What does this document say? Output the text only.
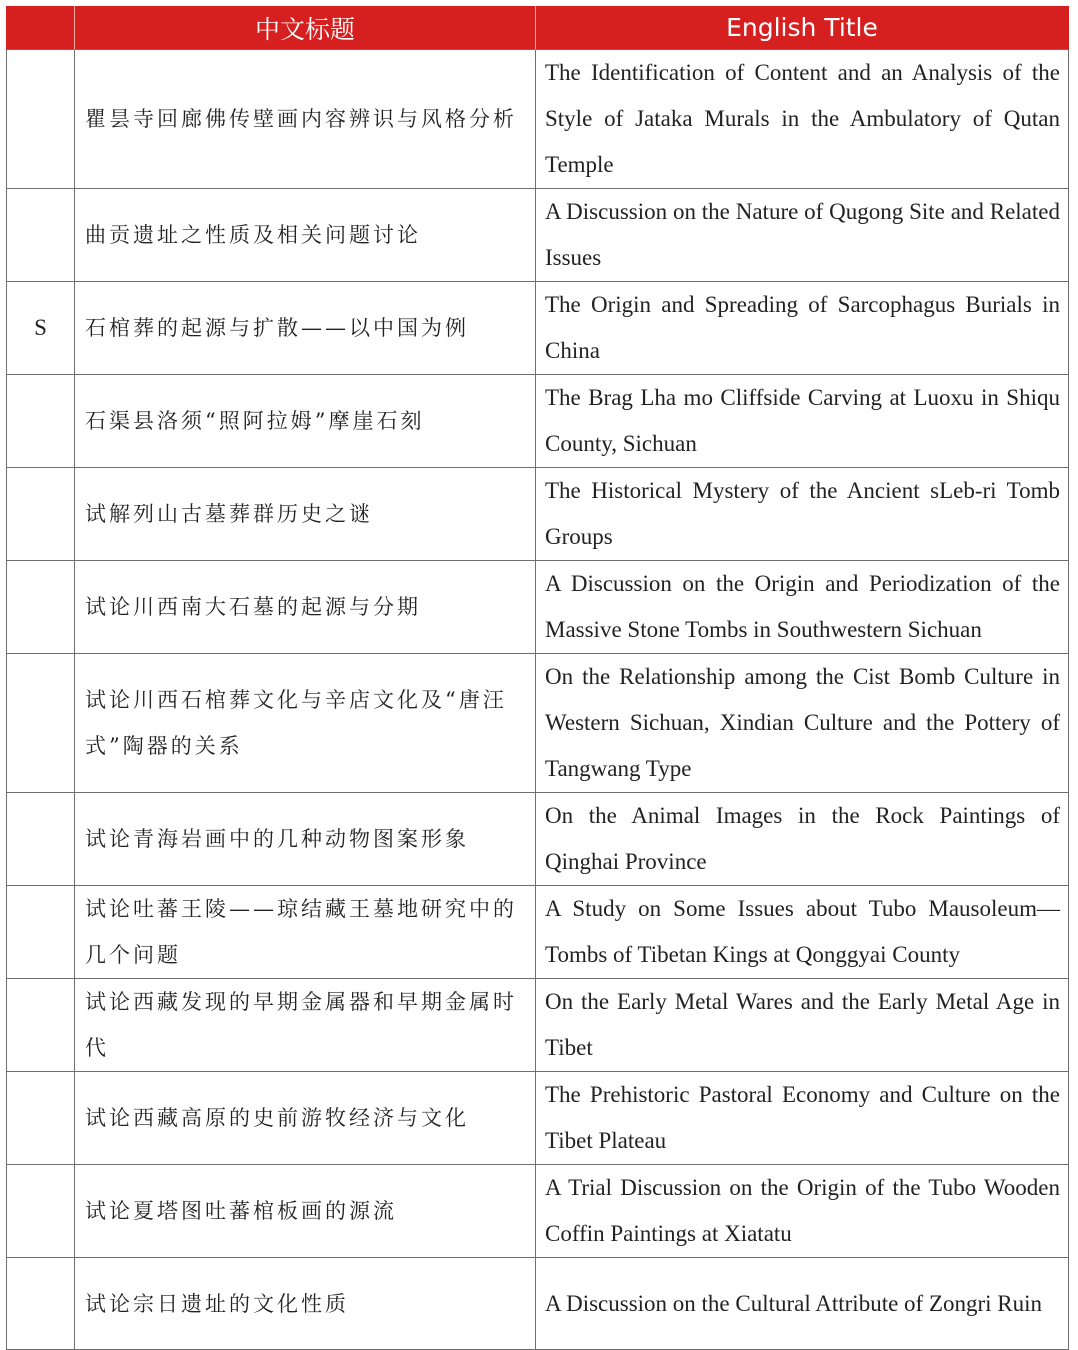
	中文标题	English Title
	瞿昙寺回廊佛传壁画内容辨识与风格分析	The Identification of Content and an Analysis of the Style of Jataka Murals in the Ambulatory of Qutan Temple
	曲贡遗址之性质及相关问题讨论	A Discussion on the Nature of Qugong Site and Related Issues
S	石棺葬的起源与扩散——以中国为例	The Origin and Spreading of Sarcophagus Burials in China
	石渠县洛须“照阿拉姆”摩崖石刻	The Brag Lha mo Cliffside Carving at Luoxu in Shiqu County, Sichuan
	试解列山古墓葬群历史之谜	The Historical Mystery of the Ancient sLeb-ri Tomb Groups
	试论川西南大石墓的起源与分期	A Discussion on the Origin and Periodization of the Massive Stone Tombs in Southwestern Sichuan
	试论川西石棺葬文化与辛店文化及“唐汪式”陶器的关系	On the Relationship among the Cist Bomb Culture in Western Sichuan, Xindian Culture and the Pottery of Tangwang Type
	试论青海岩画中的几种动物图案形象	On the Animal Images in the Rock Paintings of Qinghai Province
	试论吐蕃王陵——琼结藏王墓地研究中的几个问题	A Study on Some Issues about Tubo Mausoleum—Tombs of Tibetan Kings at Qonggyai County
	试论西藏发现的早期金属器和早期金属时代	On the Early Metal Wares and the Early Metal Age in Tibet
	试论西藏高原的史前游牧经济与文化	The Prehistoric Pastoral Economy and Culture on the Tibet Plateau
	试论夏塔图吐蕃棺板画的源流	A Trial Discussion on the Origin of the Tubo Wooden Coffin Paintings at Xiatatu
	试论宗日遗址的文化性质	A Discussion on the Cultural Attribute of Zongri Ruin
